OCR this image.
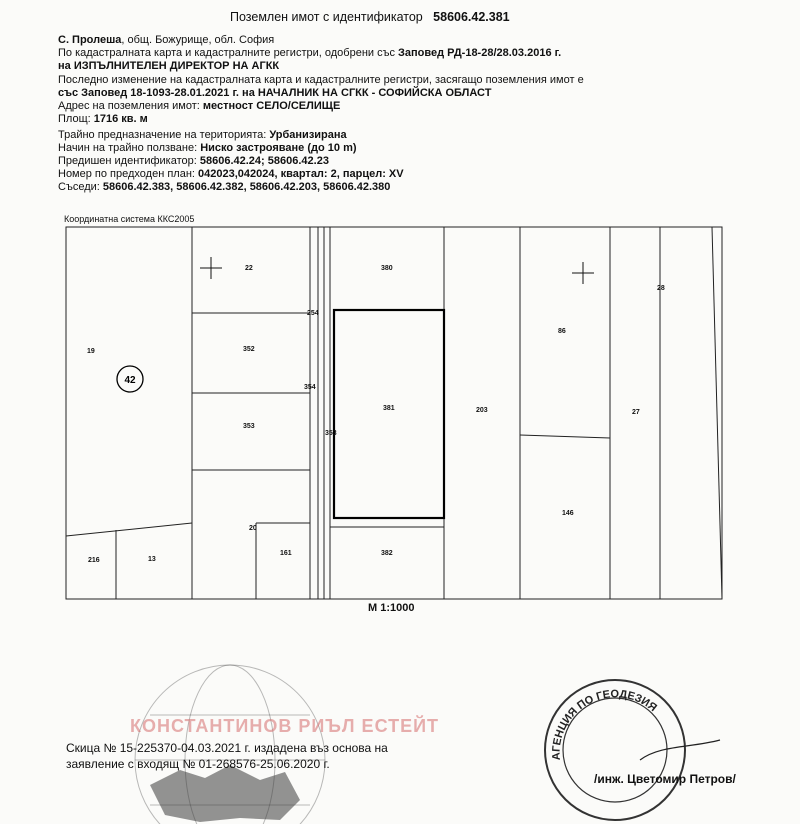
Поземлен имот с идентификатор 58606.42.381
С. Пролеша, общ. Божурище, обл. София
По кадастралната карта и кадастралните регистри, одобрени със Заповед РД-18-28/28.03.2016 г.
на ИЗПЪЛНИТЕЛЕН ДИРЕКТОР НА АГКК
Последно изменение на кадастралната карта и кадастралните регистри, засягащо поземления имот е
със Заповед 18-1093-28.01.2021 г. на НАЧАЛНИК НА СГКК - СОФИЙСКА ОБЛАСТ
Адрес на поземления имот: местност СЕЛО/СЕЛИЩЕ
Площ: 1716 кв. м
Трайно предназначение на територията: Урбанизирана
Начин на трайно ползване: Ниско застрояване (до 10 m)
Предишен идентификатор: 58606.42.24; 58606.42.23
Номер по предходен план: 042023,042024, квартал: 2, парцел: XV
Съседи: 58606.42.383, 58606.42.382, 58606.42.203, 58606.42.380
Координатна система ККС2005
42
22	380
254
352
354
353
353
20
161	382
19
216	13
86
28
203	27
146
381
АГЕНЦИЯ ПО ГЕОДЕЗИЯ
М 1:1000
КОНСТАНТИНОВ РИЪЛ ЕСТЕЙТ
Скица № 15-225370-04.03.2021 г. издадена въз основа на
заявление с входящ № 01-268576-25.06.2020 г.
/инж. Цветомир Петров/
